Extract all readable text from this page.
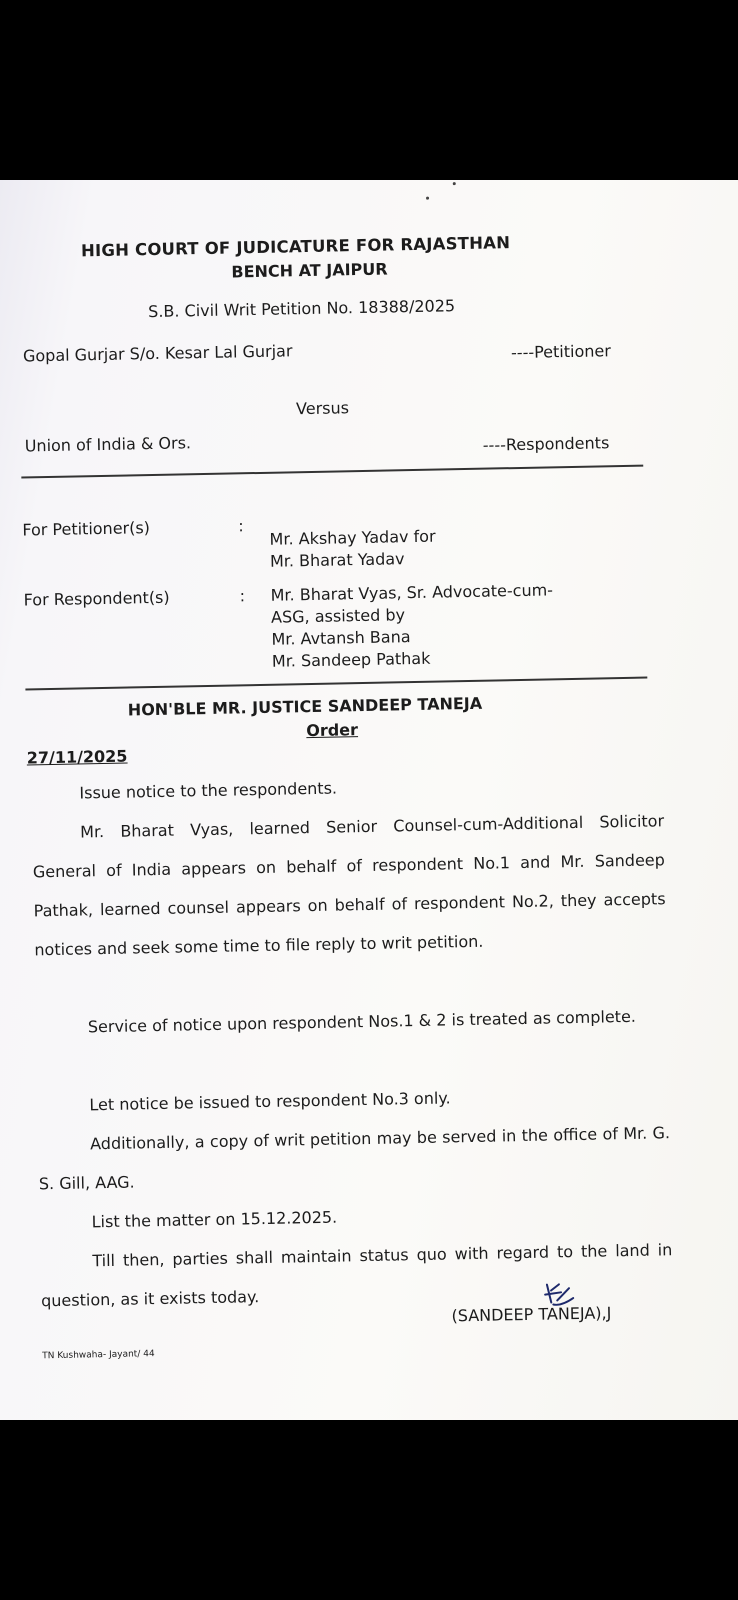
HIGH COURT OF JUDICATURE FOR RAJASTHAN
BENCH AT JAIPUR
S.B. Civil Writ Petition No. 18388/2025
Gopal Gurjar S/o. Kesar Lal Gurjar	----Petitioner
Versus
Union of India & Ors.	----Respondents
For Petitioner(s)	:
Mr. Akshay Yadav for
Mr. Bharat Yadav
For Respondent(s)	: Mr. Bharat Vyas, Sr. Advocate-cum-
ASG, assisted by
Mr. Avtansh Bana
Mr. Sandeep Pathak
HON'BLE MR. JUSTICE SANDEEP TANEJA
Order
27/11/2025
Issue notice to the respondents.
Mr. Bharat Vyas, learned Senior Counsel-cum-Additional Solicitor General of India appears on behalf of respondent No.1 and Mr. Sandeep Pathak, learned counsel appears on behalf of respondent No.2, they accepts notices and seek some time to file reply to writ petition.
Service of notice upon respondent Nos.1 & 2 is treated as complete.
Let notice be issued to respondent No.3 only.
Additionally, a copy of writ petition may be served in the office of Mr. G. S. Gill, AAG.
List the matter on 15.12.2025.
Till then, parties shall maintain status quo with regard to the land in question, as it exists today.
(SANDEEP TANEJA),J
TN Kushwaha- Jayant/ 44
